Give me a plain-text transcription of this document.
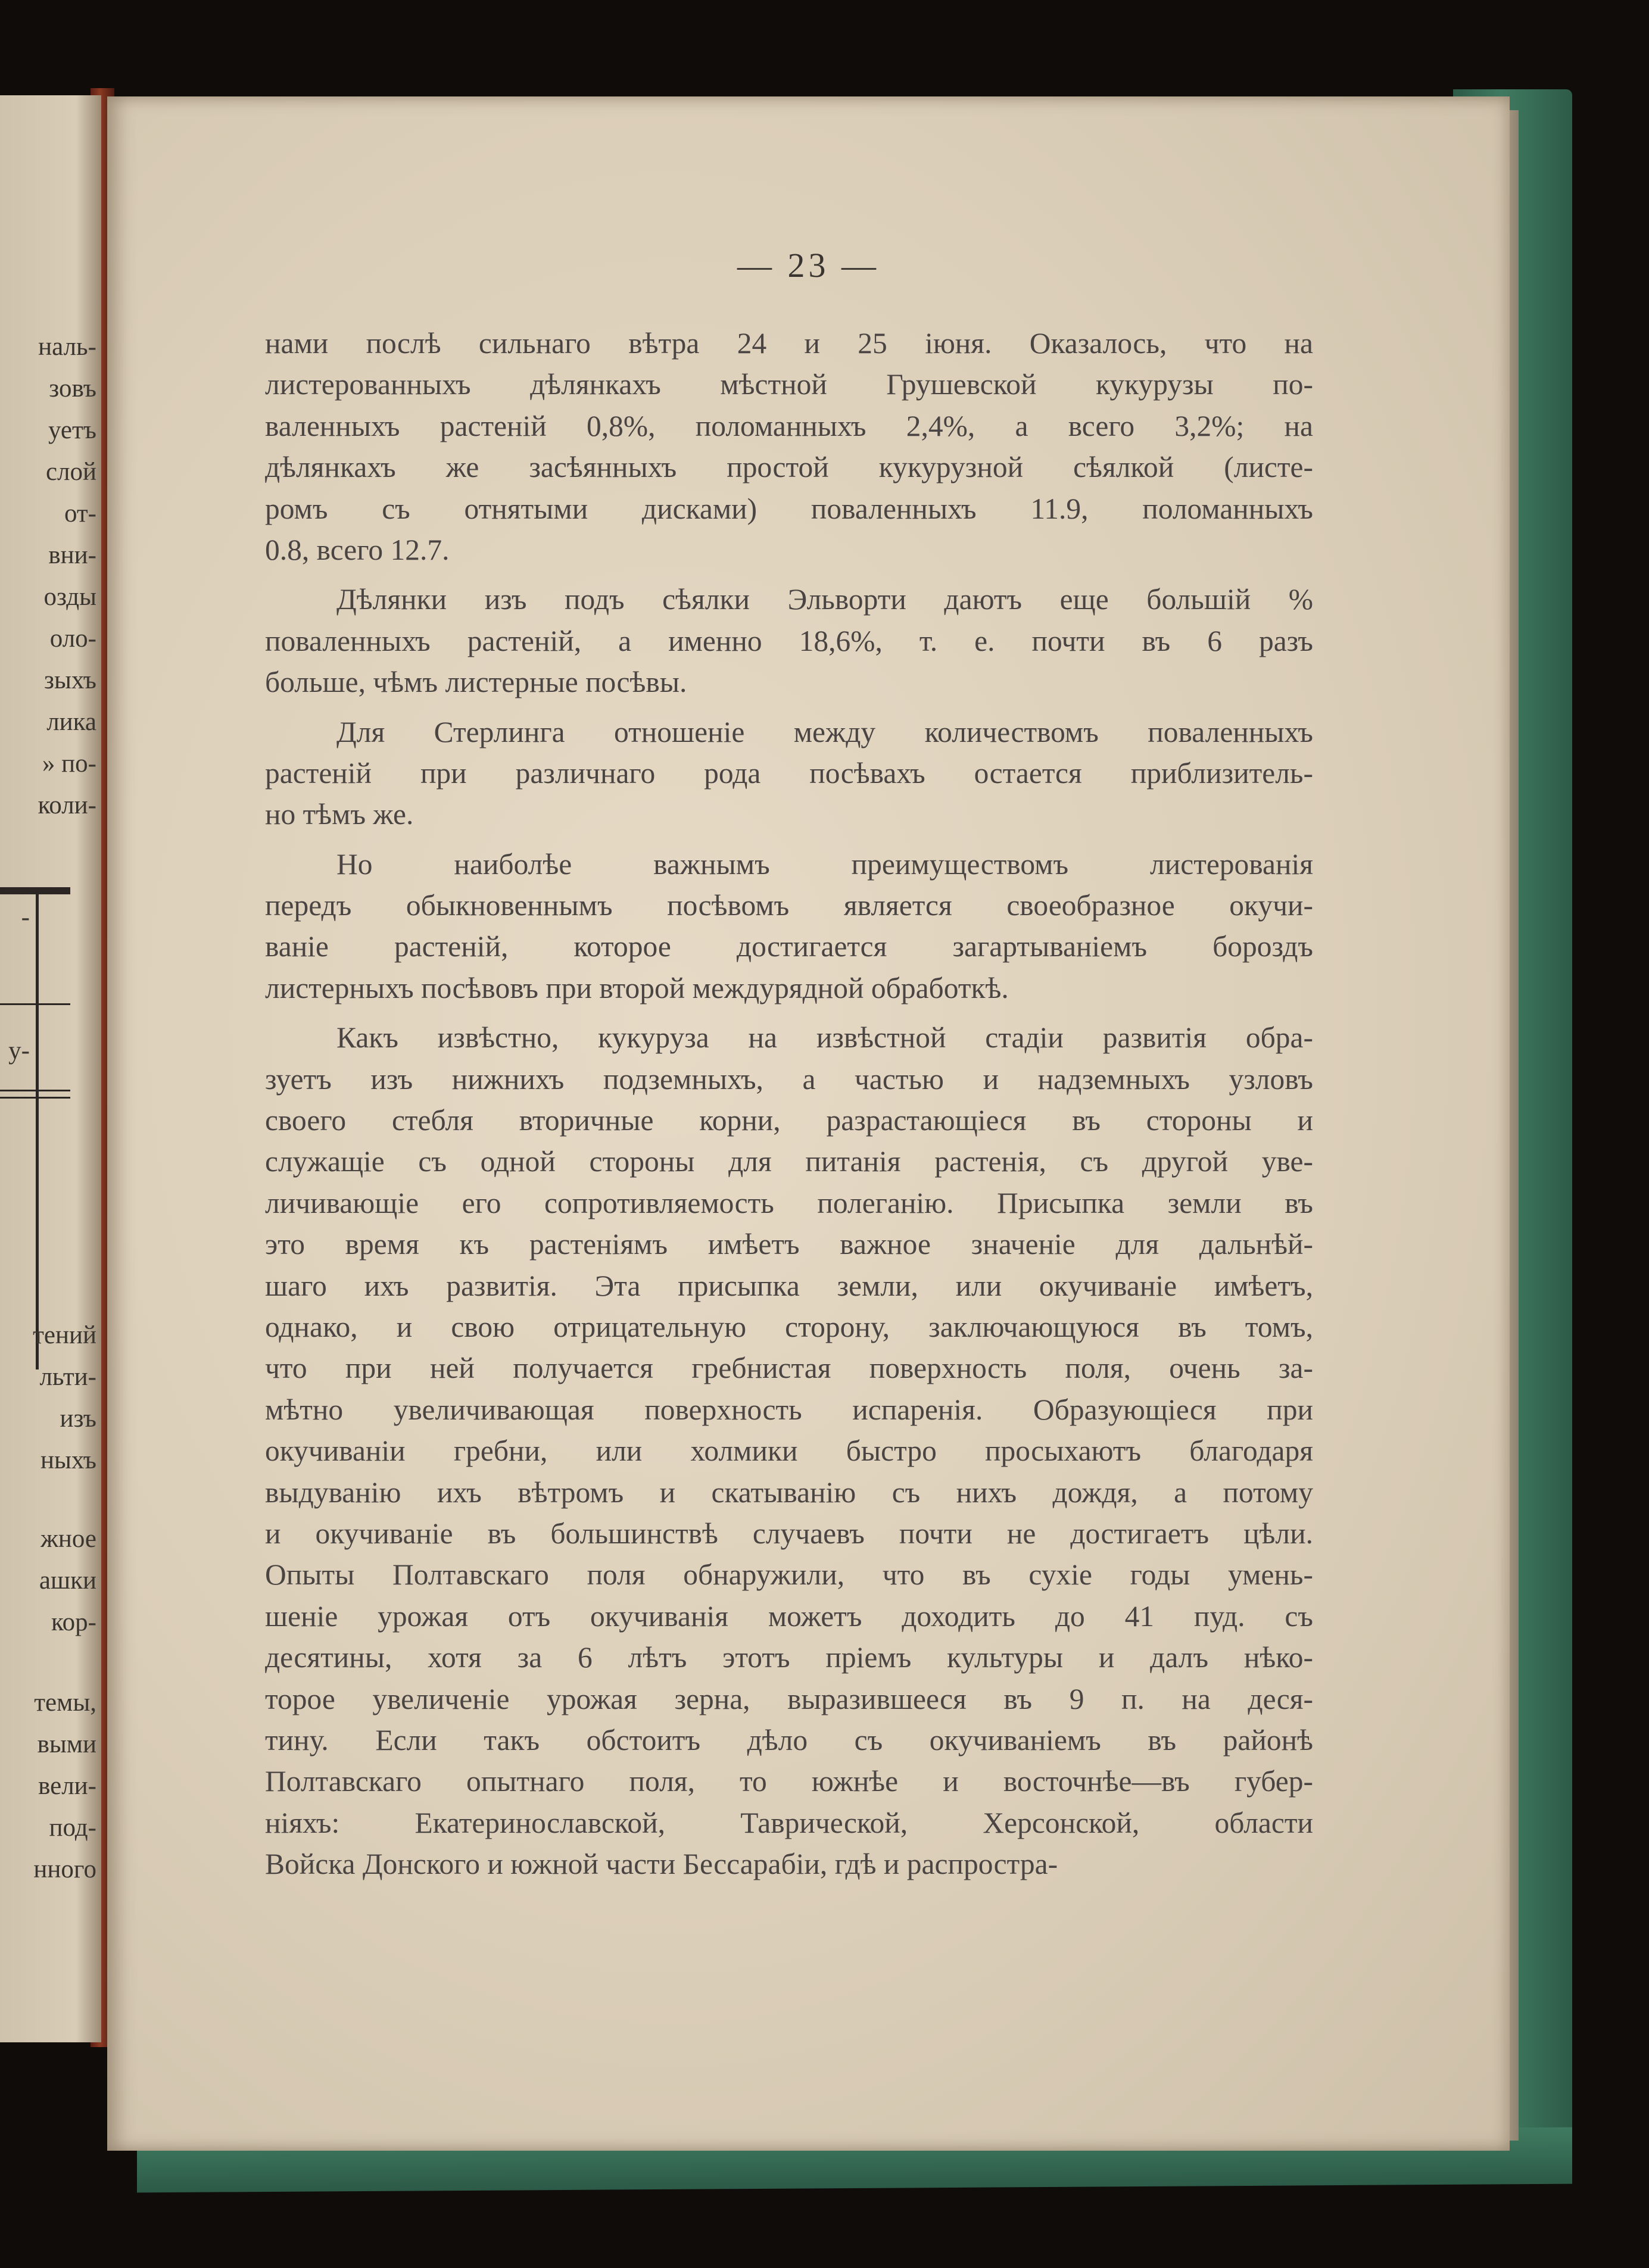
наль-
зовъ
уетъ
слой
от-
вни-
озды
оло-
зыхъ
лика
» по-
коли-
-
y-
тений
льти-
изъ
ныхъ
жное
ашки
кор-
темы,
выми
вели-
под-
нного
— 23 —
нами послѣ сильнаго вѣтра 24 и 25 іюня. Оказалось, что на
листерованныхъ дѣлянкахъ мѣстной Грушевской кукурузы по-
валенныхъ растеній 0,8%, поломанныхъ 2,4%, а всего 3,2%; на
дѣлянкахъ же засѣянныхъ простой кукурузной сѣялкой (листе-
ромъ съ отнятыми дисками) поваленныхъ 11.9, поломанныхъ
0.8, всего 12.7.
Дѣлянки изъ подъ сѣялки Эльворти даютъ еще большій %
поваленныхъ растеній, а именно 18,6%, т. е. почти въ 6 разъ
больше, чѣмъ листерные посѣвы.
Для Стерлинга отношеніе между количествомъ поваленныхъ
растеній при различнаго рода посѣвахъ остается приблизитель-
но тѣмъ же.
Но наиболѣе важнымъ преимуществомъ листерованія
передъ обыкновеннымъ посѣвомъ является своеобразное окучи-
ваніе растеній, которое достигается загартываніемъ бороздъ
листерныхъ посѣвовъ при второй междурядной обработкѣ.
Какъ извѣстно, кукуруза на извѣстной стадіи развитія обра-
зуетъ изъ нижнихъ подземныхъ, а частью и надземныхъ узловъ
своего стебля вторичные корни, разрастающіеся въ стороны и
служащіе съ одной стороны для питанія растенія, съ другой уве-
личивающіе его сопротивляемость полеганію. Присыпка земли въ
это время къ растеніямъ имѣетъ важное значеніе для дальнѣй-
шаго ихъ развитія. Эта присыпка земли, или окучиваніе имѣетъ,
однако, и свою отрицательную сторону, заключающуюся въ томъ,
что при ней получается гребнистая поверхность поля, очень за-
мѣтно увеличивающая поверхность испаренія. Образующіеся при
окучиваніи гребни, или холмики быстро просыхаютъ благодаря
выдуванію ихъ вѣтромъ и скатыванію съ нихъ дождя, а потому
и окучиваніе въ большинствѣ случаевъ почти не достигаетъ цѣли.
Опыты Полтавскаго поля обнаружили, что въ сухіе годы умень-
шеніе урожая отъ окучиванія можетъ доходить до 41 пуд. съ
десятины, хотя за 6 лѣтъ этотъ пріемъ культуры и далъ нѣко-
торое увеличеніе урожая зерна, выразившееся въ 9 п. на деся-
тину. Если такъ обстоитъ дѣло съ окучиваніемъ въ районѣ
Полтавскаго опытнаго поля, то южнѣе и восточнѣе—въ губер-
ніяхъ: Екатеринославской, Таврической, Херсонской, области
Войска Донского и южной части Бессарабіи, гдѣ и распростра-
